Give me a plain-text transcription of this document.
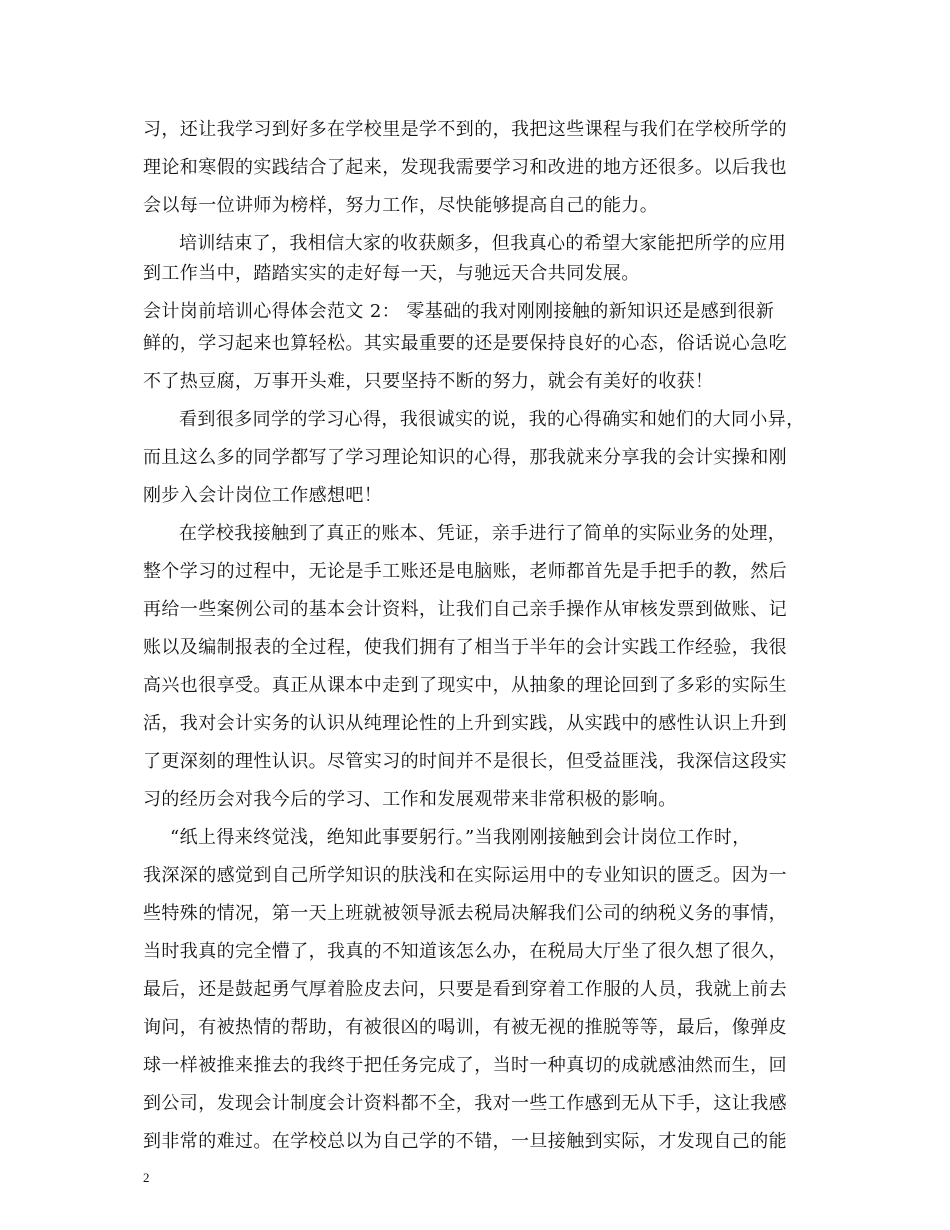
习，还让我学习到好多在学校里是学不到的，我把这些课程与我们在学校所学的
理论和寒假的实践结合了起来，发现我需要学习和改进的地方还很多。以后我也
会以每一位讲师为榜样，努力工作，尽快能够提高自己的能力。
培训结束了，我相信大家的收获颇多，但我真心的希望大家能把所学的应用
到工作当中，踏踏实实的走好每一天，与驰远天合共同发展。
会计岗前培训心得体会范文 2： 零基础的我对刚刚接触的新知识还是感到很新
鲜的，学习起来也算轻松。其实最重要的还是要保持良好的心态，俗话说心急吃
不了热豆腐，万事开头难，只要坚持不断的努力，就会有美好的收获！
看到很多同学的学习心得，我很诚实的说，我的心得确实和她们的大同小异，
而且这么多的同学都写了学习理论知识的心得，那我就来分享我的会计实操和刚
刚步入会计岗位工作感想吧！
在学校我接触到了真正的账本、凭证，亲手进行了简单的实际业务的处理，
整个学习的过程中，无论是手工账还是电脑账，老师都首先是手把手的教，然后
再给一些案例公司的基本会计资料，让我们自己亲手操作从审核发票到做账、记
账以及编制报表的全过程，使我们拥有了相当于半年的会计实践工作经验，我很
高兴也很享受。真正从课本中走到了现实中，从抽象的理论回到了多彩的实际生
活，我对会计实务的认识从纯理论性的上升到实践，从实践中的感性认识上升到
了更深刻的理性认识。尽管实习的时间并不是很长，但受益匪浅，我深信这段实
习的经历会对我今后的学习、工作和发展观带来非常积极的影响。
“纸上得来终觉浅，绝知此事要躬行。”当我刚刚接触到会计岗位工作时，
我深深的感觉到自己所学知识的肤浅和在实际运用中的专业知识的匮乏。因为一
些特殊的情况，第一天上班就被领导派去税局决解我们公司的纳税义务的事情，
当时我真的完全懵了，我真的不知道该怎么办，在税局大厅坐了很久想了很久，
最后，还是鼓起勇气厚着脸皮去问，只要是看到穿着工作服的人员，我就上前去
询问，有被热情的帮助，有被很凶的喝训，有被无视的推脱等等，最后，像弹皮
球一样被推来推去的我终于把任务完成了，当时一种真切的成就感油然而生，回
到公司，发现会计制度会计资料都不全，我对一些工作感到无从下手，这让我感
到非常的难过。在学校总以为自己学的不错，一旦接触到实际，才发现自己的能
2
